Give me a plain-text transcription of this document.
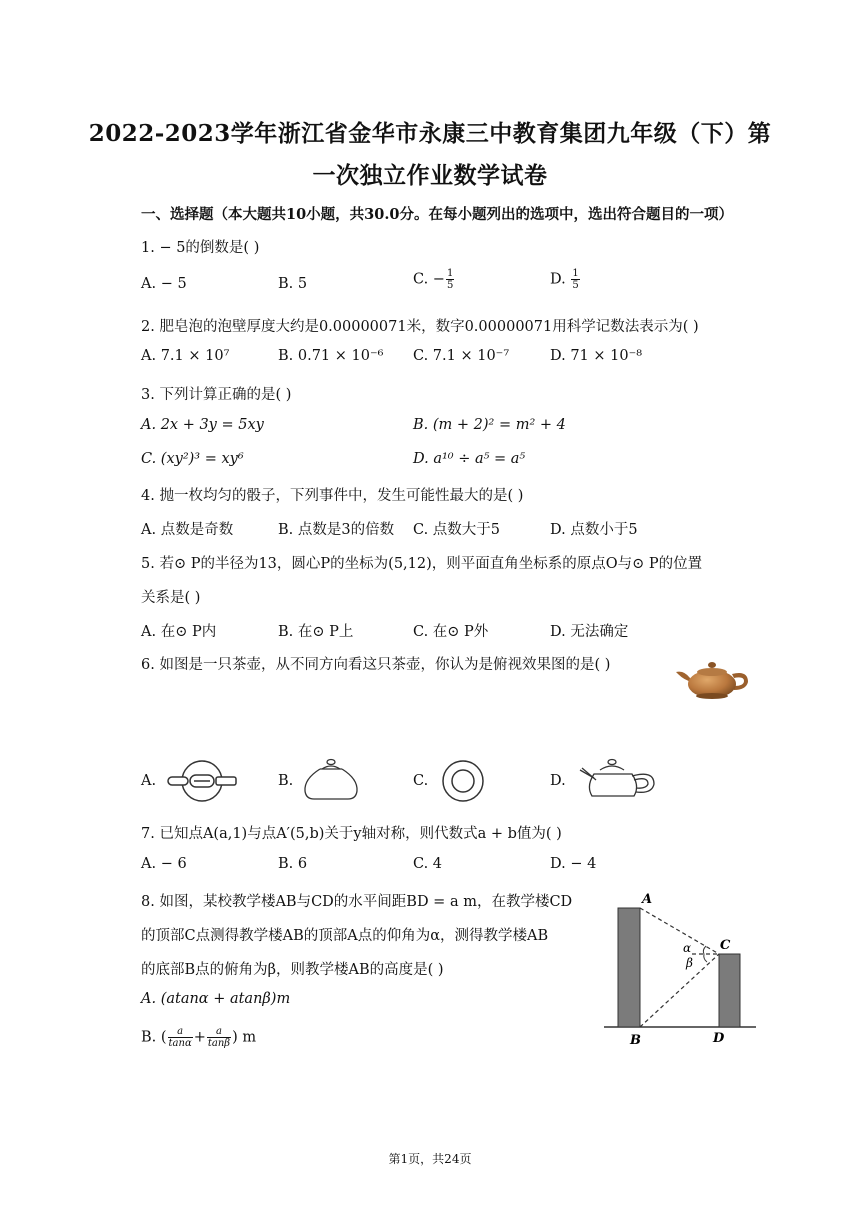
2022-2023学年浙江省金华市永康三中教育集团九年级（下）第
一次独立作业数学试卷
一、选择题（本大题共10小题，共30.0分。在每小题列出的选项中，选出符合题目的一项）
1. − 5的倒数是( )
A. − 5	B. 5	C. − $\frac{1}{5}$	D. $\frac{1}{5}$
2. 肥皂泡的泡壁厚度大约是0.00000071米，数字0.00000071用科学记数法表示为( )
A. 7.1 × 10⁷	B. 0.71 × 10⁻⁶ C. 7.1 × 10⁻⁷	D. 71 × 10⁻⁸
3. 下列计算正确的是( )
A. 2x + 3y = 5xy	B. (m + 2)² = m² + 4
C. (xy²)³ = xy⁶	D. a¹⁰ ÷ a⁵ = a⁵
4. 抛一枚均匀的骰子，下列事件中，发生可能性最大的是( )
A. 点数是奇数	B. 点数是3的倍数 C. 点数大于5	D. 点数小于5
5. 若⊙ P的半径为13，圆心P的坐标为(5,12)，则平面直角坐标系的原点O与⊙ P的位置
关系是( )
A. 在⊙ P内	B. 在⊙ P上	C. 在⊙ P外	D. 无法确定
6. 如图是一只茶壶，从不同方向看这只茶壶，你认为是俯视效果图的是( )
A.	B.	C.	D.
7. 已知点A(a,1)与点A′(5,b)关于y轴对称，则代数式a + b值为( )
A. − 6	B. 6	C. 4	D. − 4
8. 如图，某校教学楼AB与CD的水平间距BD = a m，在教学楼CD
的顶部C点测得教学楼AB的顶部A点的仰角为α，测得教学楼AB
的底部B点的俯角为β，则教学楼AB的高度是( )
A. (atanα + atanβ)m
B. ( $\frac{a}{\tan\alpha} + \frac{a}{\tan\beta}$ ) m
A
C
B	D
α
β
第1页，共24页
